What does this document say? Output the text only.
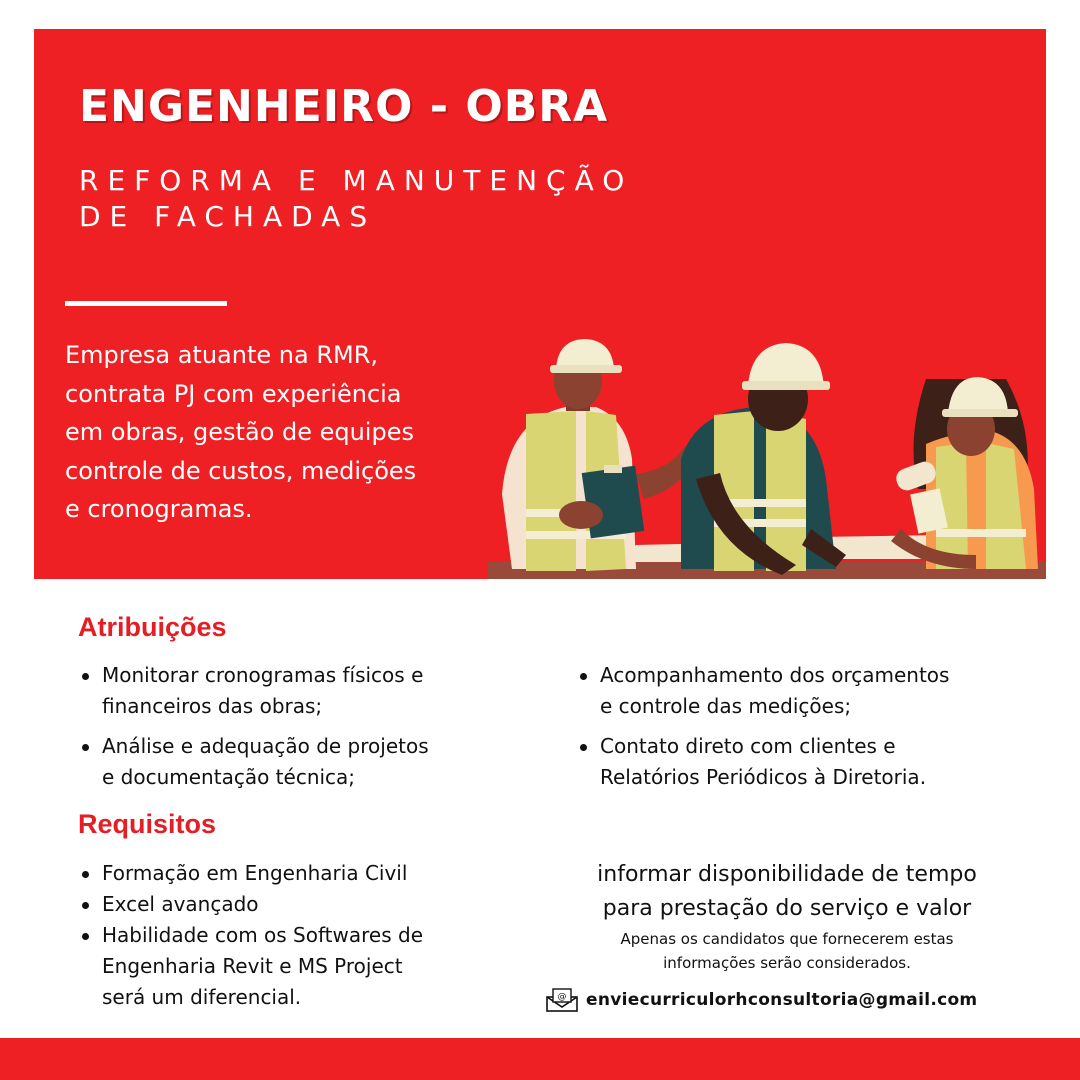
ENGENHEIRO - OBRA
REFORMA E MANUTENÇÃO
DE FACHADAS

Empresa atuante na RMR,
contrata PJ com experiência
em obras, gestão de equipes
controle de custos, medições
e cronogramas.

Atribuições
Monitorar cronogramas físicos e
financeiros das obras;
Análise e adequação de projetos
e documentação técnica;
Acompanhamento dos orçamentos
e controle das medições;
Contato direto com clientes e
Relatórios Periódicos à Diretoria.
Requisitos
Formação em Engenharia Civil
Excel avançado
Habilidade com os Softwares de
Engenharia Revit e MS Project
será um diferencial.
informar disponibilidade de tempo
para prestação do serviço e valor
Apenas os candidatos que fornecerem estas
informações serão considerados.
@ enviecurriculorhconsultoria@gmail.com
